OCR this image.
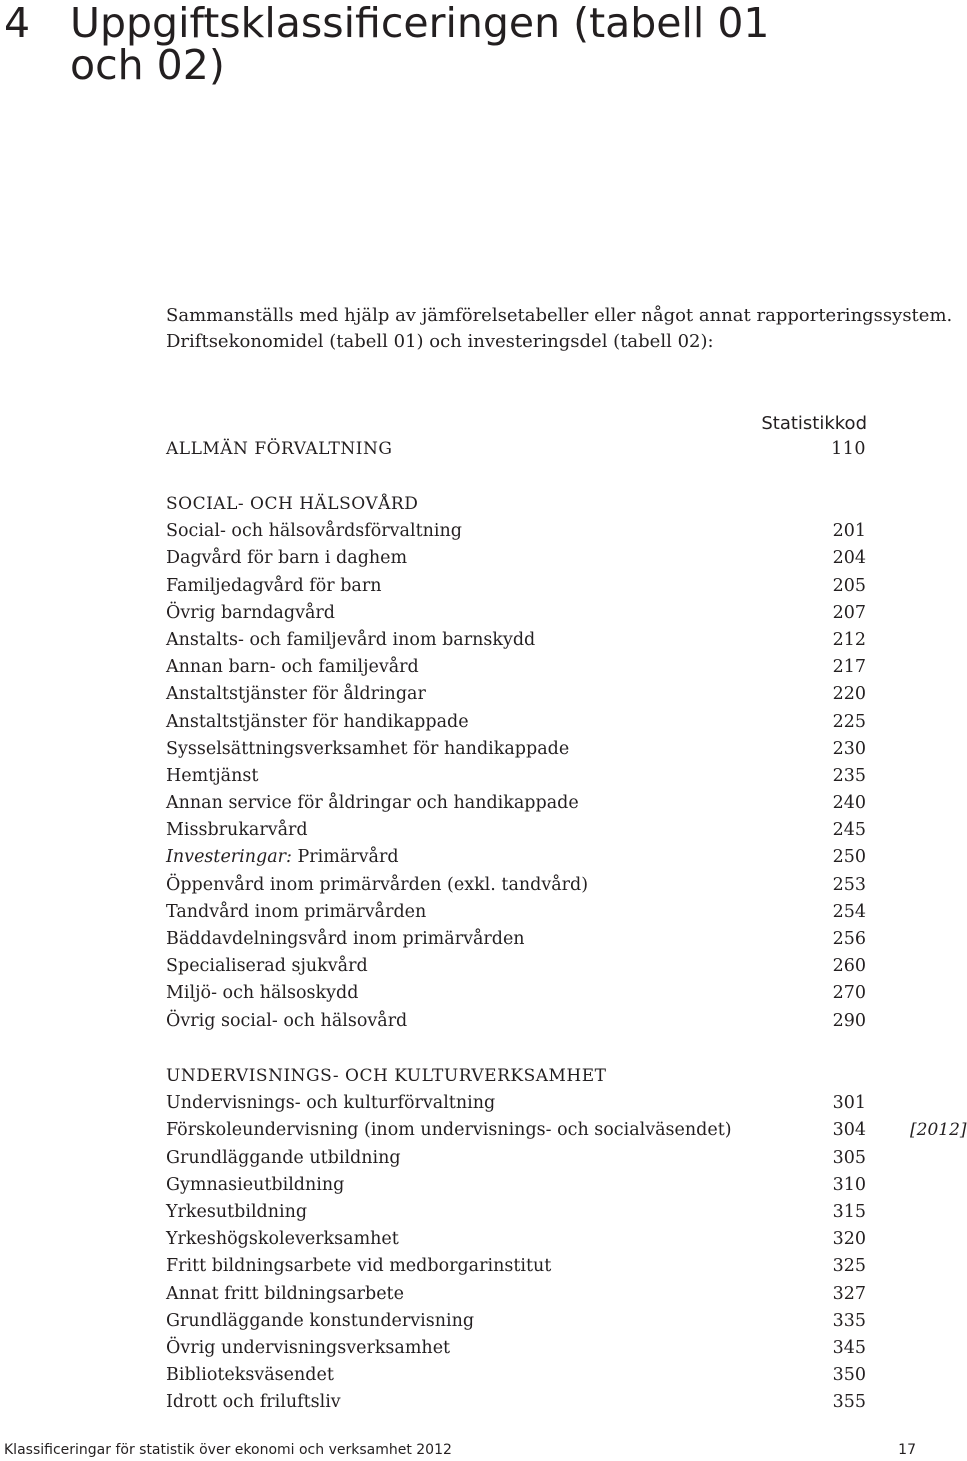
4 Uppgiftsklassificeringen (tabell 01 och 02)

Sammanställs med hjälp av jämförelsetabeller eller något annat rapporteringssystem.

Driftsekonomidel (tabell 01) och investeringsdel (tabell 02):

Statistikkod
ALLMÄN FÖRVALTNING	110
SOCIAL- OCH HÄLSOVÅRD
Social- och hälsovårdsförvaltning	201
Dagvård för barn i daghem	204
Familjedagvård för barn	205
Övrig barndagvård	207
Anstalts- och familjevård inom barnskydd	212
Annan barn- och familjevård	217
Anstaltstjänster för åldringar	220
Anstaltstjänster för handikappade	225
Sysselsättningsverksamhet för handikappade	230
Hemtjänst	235
Annan service för åldringar och handikappade	240
Missbrukarvård	245
Investeringar: Primärvård	250
Öppenvård inom primärvården (exkl. tandvård)	253
Tandvård inom primärvården	254
Bäddavdelningsvård inom primärvården	256
Specialiserad sjukvård	260
Miljö- och hälsoskydd	270
Övrig social- och hälsovård	290
UNDERVISNINGS- OCH KULTURVERKSAMHET
Undervisnings- och kulturförvaltning	301
Förskoleundervisning (inom undervisnings- och socialväsendet)	304	[2012]
Grundläggande utbildning	305
Gymnasieutbildning	310
Yrkesutbildning	315
Yrkeshögskoleverksamhet	320
Fritt bildningsarbete vid medborgarinstitut	325
Annat fritt bildningsarbete	327
Grundläggande konstundervisning	335
Övrig undervisningsverksamhet	345
Biblioteksväsendet	350
Idrott och friluftsliv	355
Klassificeringar för statistik över ekonomi och verksamhet 2012	17
